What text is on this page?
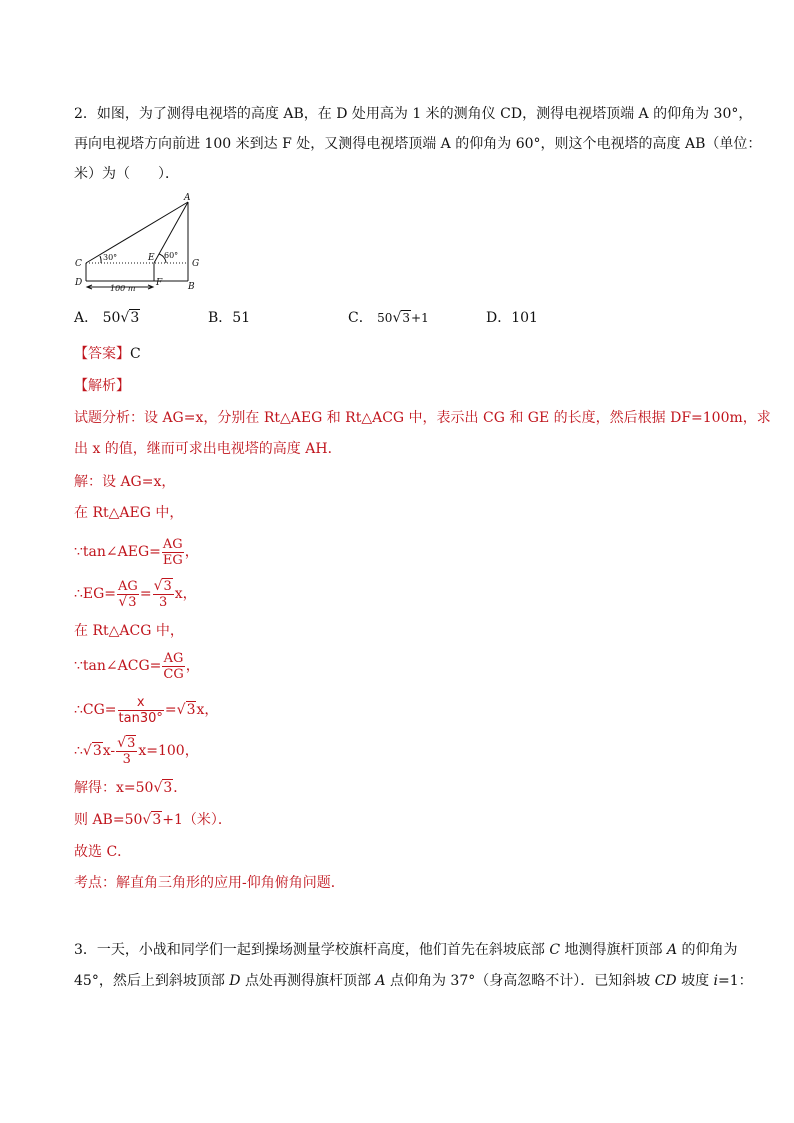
2．如图，为了测得电视塔的高度 AB，在 D 处用高为 1 米的测角仪 CD，测得电视塔顶端 A 的仰角为 30°，
再向电视塔方向前进 100 米到达 F 处，又测得电视塔顶端 A 的仰角为 60°，则这个电视塔的高度 AB（单位：
米）为（　　）．
A
C
D
E
F
G
B
30°	60°
100 m
A． 50√3	B．51	C． 50√3+1	D．101
【答案】C
【解析】
试题分析：设 AG=x，分别在 Rt△AEG 和 Rt△ACG 中，表示出 CG 和 GE 的长度，然后根据 DF=100m，求
出 x 的值，继而可求出电视塔的高度 AH．
解：设 AG=x，
在 Rt△AEG 中，
∵tan∠AEG= $\frac{AG}{EG}$ ，
∴EG= $\frac{AG}{√3} = \frac{√3}{3}$ x，
在 Rt△ACG 中，
∵tan∠ACG= $\frac{AG}{CG}$ ，
∴CG= $\frac{x}{\tan 30^\circ} =√3x$，
∴√3x- $\frac{√3}{3} x=100$，
解得：x=50√3．
则 AB=50√3+1（米）．
故选 C．
考点：解直角三角形的应用-仰角俯角问题．
3．一天，小战和同学们一起到操场测量学校旗杆高度，他们首先在斜坡底部 C 地测得旗杆顶部 A 的仰角为
45°，然后上到斜坡顶部 D 点处再测得旗杆顶部 A 点仰角为 37°（身高忽略不计）．已知斜坡 CD 坡度 i=1：
